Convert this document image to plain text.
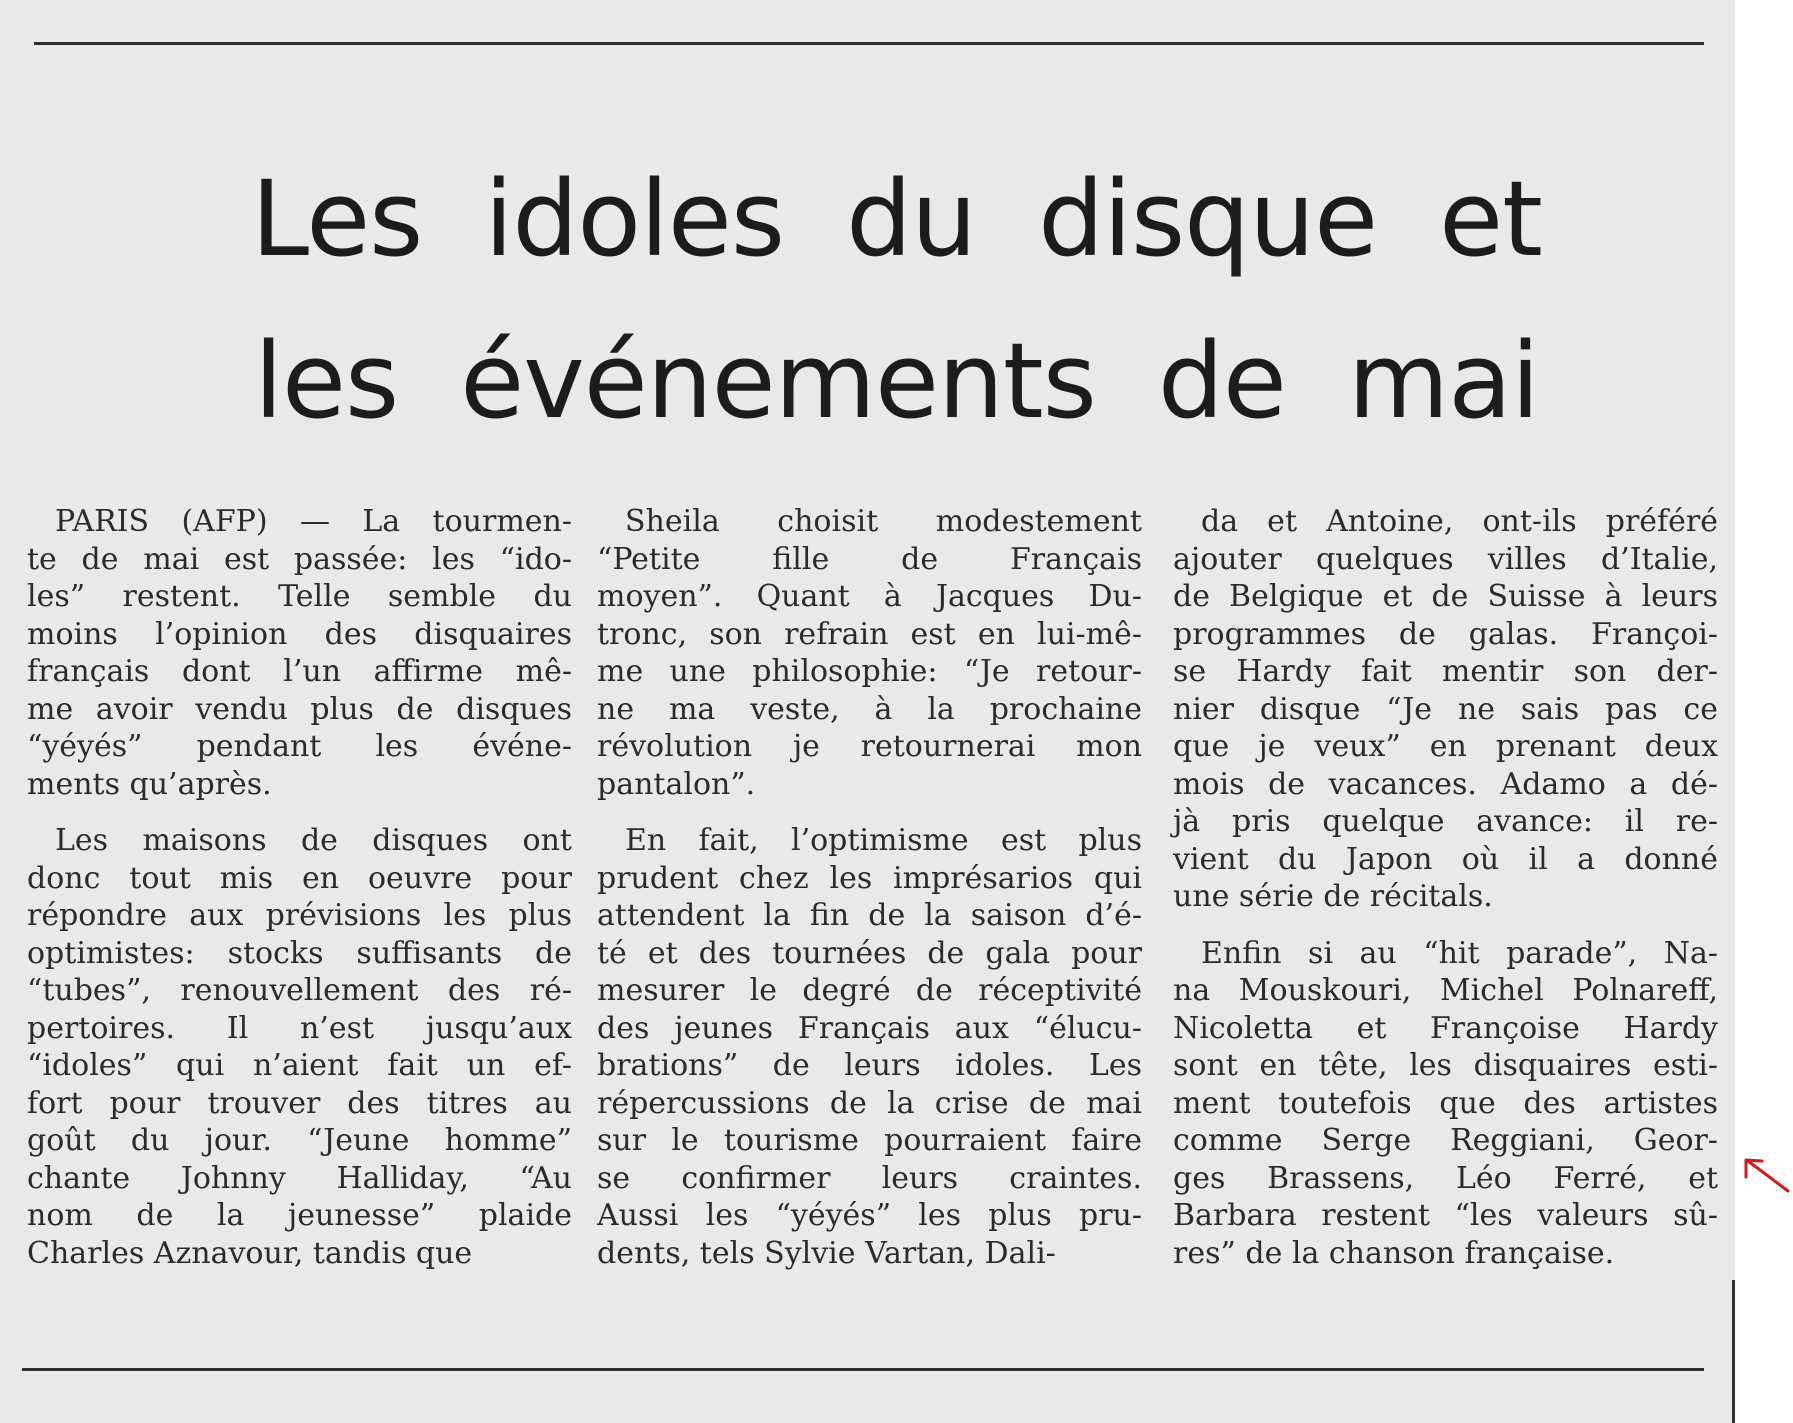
Les idoles du disque et
les événements de mai
PARIS (AFP) — La tourmen-
te de mai est passée: les “ido-
les” restent. Telle semble du
moins l’opinion des disquaires
français dont l’un affirme mê-
me avoir vendu plus de disques
“yéyés” pendant les événe-
ments qu’après.
Les maisons de disques ont
donc tout mis en oeuvre pour
répondre aux prévisions les plus
optimistes: stocks suffisants de
“tubes”, renouvellement des ré-
pertoires. Il n’est jusqu’aux
“idoles” qui n’aient fait un ef-
fort pour trouver des titres au
goût du jour. “Jeune homme”
chante Johnny Halliday, “Au
nom de la jeunesse” plaide
Charles Aznavour, tandis que
Sheila choisit modestement
“Petite fille de Français
moyen”. Quant à Jacques Du-
tronc, son refrain est en lui-mê-
me une philosophie: “Je retour-
ne ma veste, à la prochaine
révolution je retournerai mon
pantalon”.
En fait, l’optimisme est plus
prudent chez les imprésarios qui
attendent la fin de la saison d’é-
té et des tournées de gala pour
mesurer le degré de réceptivité
des jeunes Français aux “élucu-
brations” de leurs idoles. Les
répercussions de la crise de mai
sur le tourisme pourraient faire
se confirmer leurs craintes.
Aussi les “yéyés” les plus pru-
dents, tels Sylvie Vartan, Dali-
da et Antoine, ont-ils préféré
ajouter quelques villes d’Italie,
de Belgique et de Suisse à leurs
programmes de galas. Françoi-
se Hardy fait mentir son der-
nier disque “Je ne sais pas ce
que je veux” en prenant deux
mois de vacances. Adamo a dé-
jà pris quelque avance: il re-
vient du Japon où il a donné
une série de récitals.
Enfin si au “hit parade”, Na-
na Mouskouri, Michel Polnareff,
Nicoletta et Françoise Hardy
sont en tête, les disquaires esti-
ment toutefois que des artistes
comme Serge Reggiani, Geor-
ges Brassens, Léo Ferré, et
Barbara restent “les valeurs sû-
res” de la chanson française.
